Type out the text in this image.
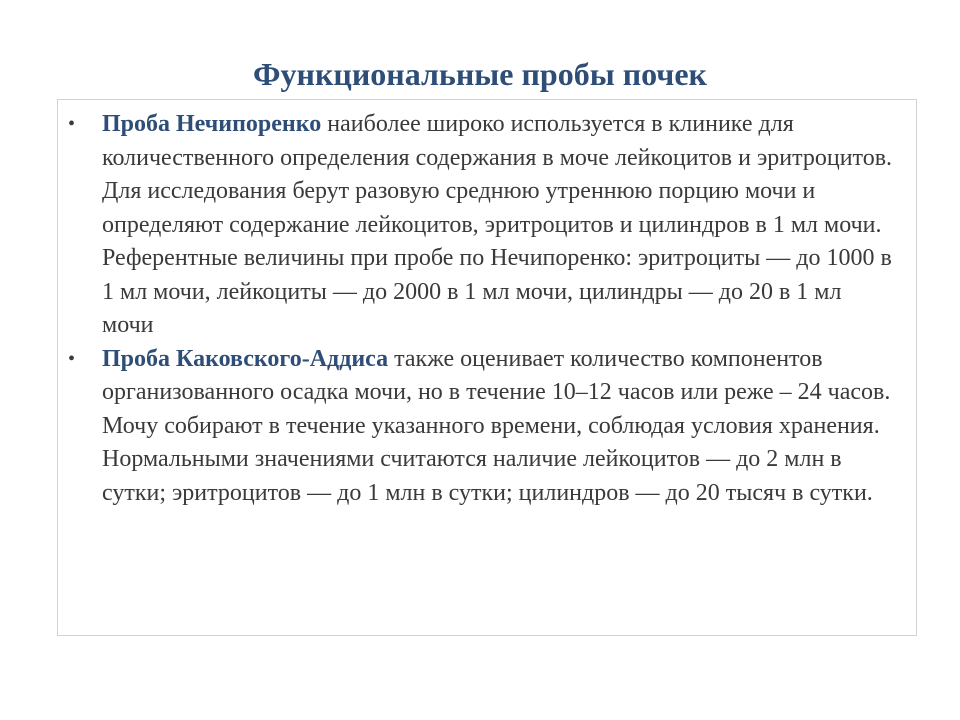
Функциональные пробы почек
• Проба Нечипоренко наиболее широко используется в клинике для количественного определения содержания в моче лейкоцитов и эритроцитов. Для исследования берут разовую среднюю утреннюю порцию мочи и определяют содержание лейкоцитов, эритроцитов и цилиндров в 1 мл мочи. Референтные величины при пробе по Нечипоренко: эритроциты — до 1000 в 1 мл мочи, лейкоциты — до 2000 в 1 мл мочи, цилиндры — до 20 в 1 мл мочи
• Проба Каковского-Аддиса также оценивает количество компонентов организованного осадка мочи, но в течение 10–12 часов или реже – 24 часов. Мочу собирают в течение указанного времени, соблюдая условия хранения. Нормальными значениями считаются наличие лейкоцитов — до 2 млн в сутки; эритроцитов — до 1 млн в сутки; цилиндров — до 20 тысяч в сутки.
